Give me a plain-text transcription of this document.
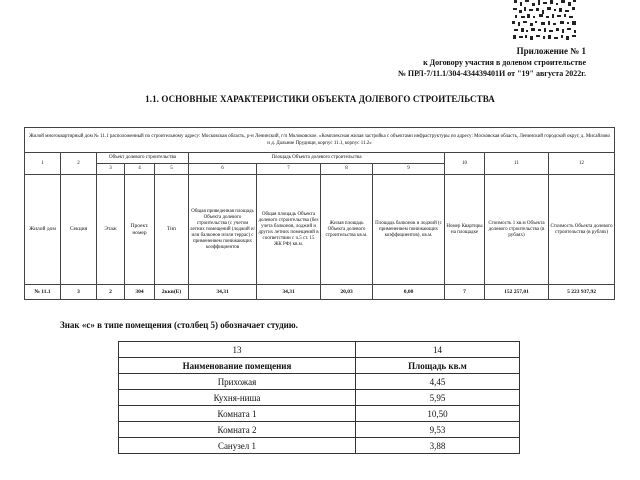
Приложение № 1
к Договору участия в долевом строительстве
№ ПРЛ-7/11.1/304-434439401И от "19" августа 2022г.
1.1. ОСНОВНЫЕ ХАРАКТЕРИСТИКИ ОБЪЕКТА ДОЛЕВОГО СТРОИТЕЛЬСТВА
Жилой многоквартирный дом № 11.1 расположенный по строительному адресу: Московская область, р-н Ленинский, г/п Молоковское. «Комплексная жилая застройка с объектами инфраструктуры по адресу: Московская область, Ленинский городской округ, д. Мисайлово и д. Дальние Прудищи, корпус 11.1, корпус 11.2»											
1	2	Объект долевого строительства			Площадь Объекта долевого строительства				10	11	12
		3	4	5	6	7	8	9			
Жилой дом	Секция	Этаж	Проект. номер	Тип	Общая приведенная площадь Объекта долевого строительства (с учетом летних помещений (лоджий и/или балконов и/или террас) с применением понижающих коэффициентов	Общая площадь Объекта долевого строительства (без учета балконов, лоджий и других летних помещений в соответствии с ч.5 ст. 15 ЖК РФ) кв.м.	Жилая площадь Объекта долевого строительства кв.м.	Площадь балконов и лоджий (с применением понижающих коэффициентов), кв.м.	Номер Квартиры на площадке	Стоимость 1 кв.м Объекта долевого строительства (в рублях)	Стоимость Объекта долевого строительства (в рублях)
№ 11.1	3	2	304	2ккв(Е)	34,31	34,31	20,03	0,00	7	152 257,01	5 223 937,92
Знак «с» в типе помещения (столбец 5) обозначает студию.
13	14
Наименование помещения	Площадь кв.м
Прихожая	4,45
Кухня-ниша	5,95
Комната 1	10,50
Комната 2	9,53
Санузел 1	3,88
